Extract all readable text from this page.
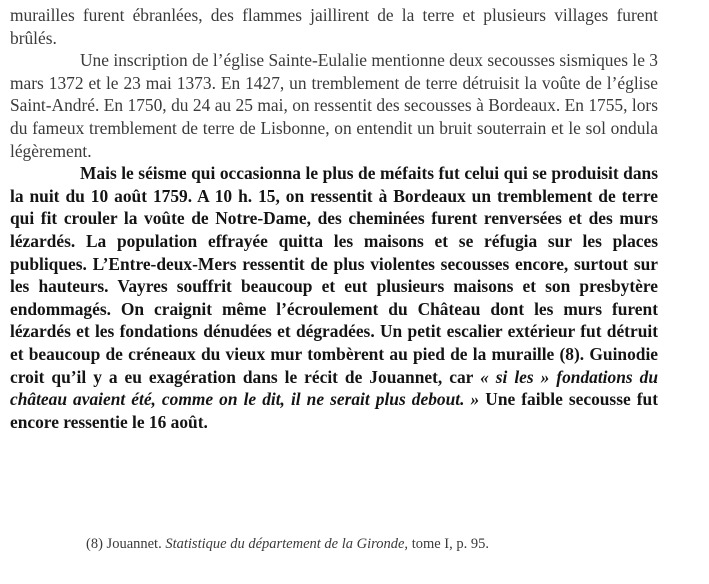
murailles furent ébranlées, des flammes jaillirent de la terre et plusieurs villages furent brûlés.

Une inscription de l’église Sainte-Eulalie mentionne deux secousses sismiques le 3 mars 1372 et le 23 mai 1373. En 1427, un tremblement de terre détruisit la voûte de l’église Saint-André. En 1750, du 24 au 25 mai, on ressentit des secousses à Bordeaux. En 1755, lors du fameux tremblement de terre de Lisbonne, on entendit un bruit souterrain et le sol ondula légèrement.

Mais le séisme qui occasionna le plus de méfaits fut celui qui se produisit dans la nuit du 10 août 1759. A 10 h. 15, on ressentit à Bordeaux un tremblement de terre qui fit crouler la voûte de Notre-Dame, des cheminées furent renversées et des murs lézardés. La population effrayée quitta les maisons et se réfugia sur les places publiques. L’Entre-deux-Mers ressentit de plus violentes secousses encore, surtout sur les hauteurs. Vayres souffrit beaucoup et eut plusieurs maisons et son presbytère endommagés. On craignit même l’écroulement du Château dont les murs furent lézardés et les fondations dénudées et dégradées. Un petit escalier extérieur fut détruit et beaucoup de créneaux du vieux mur tombèrent au pied de la muraille (8). Guinodie croit qu’il y a eu exagération dans le récit de Jouannet, car « si les » fondations du château avaient été, comme on le dit, il ne serait plus debout. » Une faible secousse fut encore ressentie le 16 août.

(8) Jouannet. Statistique du département de la Gironde, tome I, p. 95.
